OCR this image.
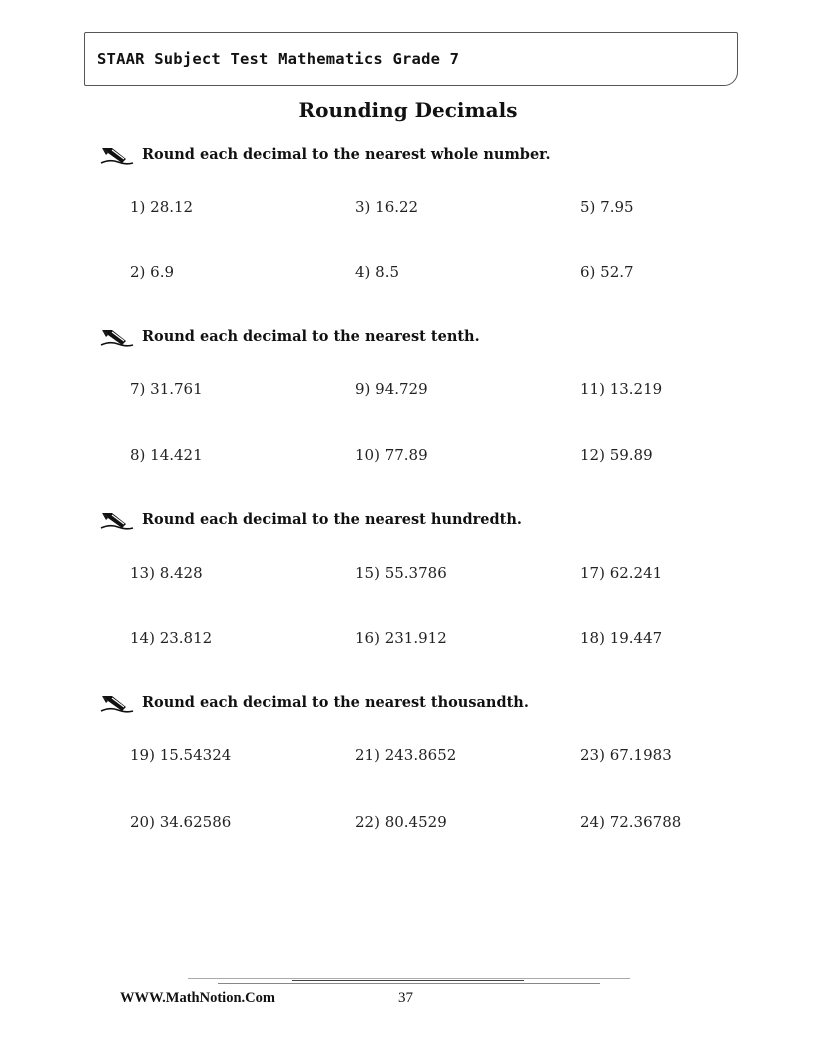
STAAR Subject Test Mathematics Grade 7
Rounding Decimals
Round each decimal to the nearest whole number.
1) 28.12
2) 6.9
3) 16.22
4) 8.5
5) 7.95
6) 52.7
Round each decimal to the nearest tenth.
7) 31.761
8) 14.421
9) 94.729
10) 77.89
11) 13.219
12) 59.89
Round each decimal to the nearest hundredth.
13) 8.428
14) 23.812
15) 55.3786
16) 231.912
17) 62.241
18) 19.447
Round each decimal to the nearest thousandth.
19) 15.54324
20) 34.62586
21) 243.8652
22) 80.4529
23) 67.1983
24) 72.36788
WWW.MathNotion.Com	37
